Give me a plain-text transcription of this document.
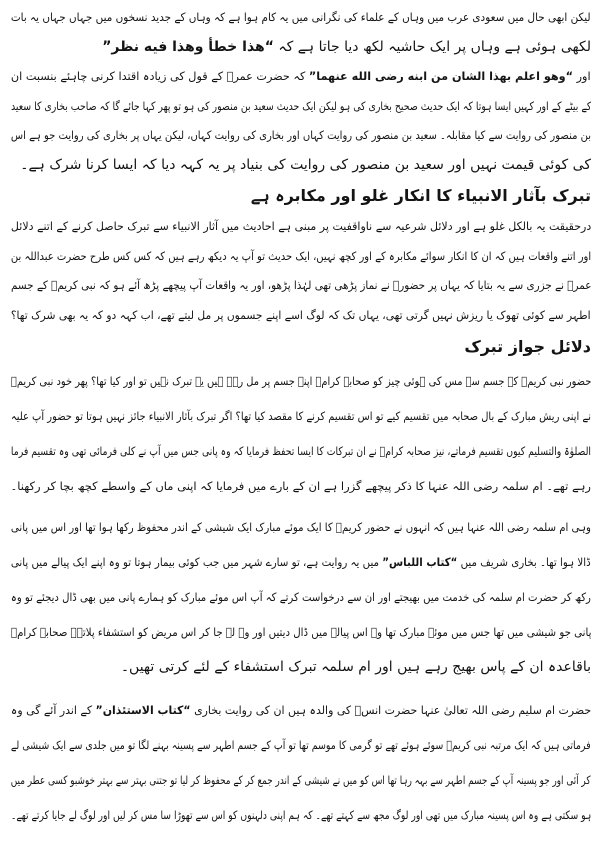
لیکن ابھی حال میں سعودی عرب میں وہاں کے علماء کی نگرانی میں یہ کام ہوا ہے کہ وہاں کے جدید نسخوں میں جہاں جہاں یہ بات
لکھی ہوئی ہے وہاں پر ایک حاشیہ لکھ دیا جاتا ہے کہ “هذا خطأ وهذا فيه نظر”
اور “وهو اعلم بهذا الشان من ابنه رضى الله عنهما” کہ حضرت عمرؓ کے قول کی زیادہ اقتدا کرنی چاہئے بنسبت ان
کے بیٹے کے اور کہیں ایسا ہوتا کہ ایک حدیث صحیح بخاری کی ہو لیکن ایک حدیث سعید بن منصور کی ہو تو پھر کہا جائے گا کہ صاحب بخاری کا سعید
بن منصور کی روایت سے کیا مقابلہ۔ سعید بن منصور کی روایت کہاں اور بخاری کی روایت کہاں، لیکن یہاں پر بخاری کی روایت جو ہے اس
کی کوئی قیمت نہیں اور سعید بن منصور کی روایت کی بنیاد پر یہ کہہ دیا کہ ایسا کرنا شرک ہے۔
تبرک بآثار الانبیاء کا انکار غلو اور مکابرہ ہے
درحقیقت یہ بالکل غلو ہے اور دلائل شرعیہ سے ناواقفیت پر مبنی ہے احادیث میں آثار الانبیاء سے تبرک حاصل کرنے کے اتنے دلائل
اور اتنے واقعات ہیں کہ ان کا انکار سوائے مکابرہ کے اور کچھ نہیں، ایک حدیث تو آپ یہ دیکھ رہے ہیں کہ کس کس طرح حضرت عبداللہ بن
عمرؓ نے جزری سے یہ بتایا کہ یہاں پر حضورؐ نے نماز پڑھی تھی لہٰذا پڑھو، اور یہ واقعات آپ پیچھے پڑھ آئے ہو کہ نبی کریمؐ کے جسم
اطہر سے کوئی تھوک یا ریزش نہیں گرتی تھی، یہاں تک کہ لوگ اسے اپنے جسموں پر مل لیتے تھے، اب کہہ دو کہ یہ بھی شرک تھا؟
دلائل جواز تبرک
حضور نبی کریمؐ کے جسم سے مس کی ہوئی چیز کو صحابہ کرامؓ اپنے جسم پر مل رہے ہیں یہ تبرک نہیں تو اور کیا تھا؟ پھر خود نبی کریمؐ
نے اپنی ریش مبارک کے بال صحابہ میں تقسیم کیے تو اس تقسیم کرنے کا مقصد کیا تھا؟ اگر تبرک بآثار الانبیاء جائز نہیں ہوتا تو حضور آپ علیہ
الصلوٰۃ والتسلیم کیوں تقسیم فرماتے، نیز صحابہ کرامؓ نے ان تبرکات کا ایسا تحفظ فرمایا کہ وہ پانی جس میں آپ نے کلی فرمائی تھی وہ تقسیم فرما
رہے تھے۔ ام سلمہ رضی اللہ عنہا کا ذکر پیچھے گزرا ہے ان کے بارے میں فرمایا کہ اپنی ماں کے واسطے کچھ بچا کر رکھنا۔
وہی ام سلمہ رضی اللہ عنہا ہیں کہ انہوں نے حضور کریمؐ کا ایک موئے مبارک ایک شیشی کے اندر محفوظ رکھا ہوا تھا اور اس میں پانی
ڈالا ہوا تھا۔ بخاری شریف میں “كتاب اللباس” میں یہ روایت ہے، تو سارے شہر میں جب کوئی بیمار ہوتا تو وہ اپنے ایک پیالے میں پانی
رکھ کر حضرت ام سلمہ کی خدمت میں بھیجتے اور ان سے درخواست کرتے کہ آپ اس موئے مبارک کو ہمارے پانی میں بھی ڈال دیجئے تو وہ
پانی جو شیشی میں تھا جس میں موئے مبارک تھا وہ اس پیالے میں ڈال دیتیں اور وہ لے جا کر اس مریض کو استشفاء پلاتے۔ صحابہ کرامؓ
باقاعدہ ان کے پاس بھیج رہے ہیں اور ام سلمہ تبرک استشفاء کے لئے کرتی تھیں۔
حضرت ام سلیم رضی اللہ تعالیٰ عنہا حضرت انسؓ کی والدہ ہیں ان کی روایت بخاری “كتاب الاستئذان” کے اندر آئے گی وہ
فرماتی ہیں کہ ایک مرتبہ نبی کریمؐ سوئے ہوئے تھے تو گرمی کا موسم تھا تو آپ کے جسم اطہر سے پسینہ بہنے لگا تو میں جلدی سے ایک شیشی لے
کر آئی اور جو پسینہ آپ کے جسم اطہر سے بہہ رہا تھا اس کو میں نے شیشی کے اندر جمع کر کے محفوظ کر لیا تو جتنی بہتر سے بہتر خوشبو کسی عطر میں
ہو سکتی ہے وہ اس پسینہ مبارک میں تھی اور لوگ مجھ سے کہتے تھے۔ کہ ہم اپنی دلہنوں کو اس سے تھوڑا سا مس کر لیں اور لوگ لے جایا کرتے تھے۔
